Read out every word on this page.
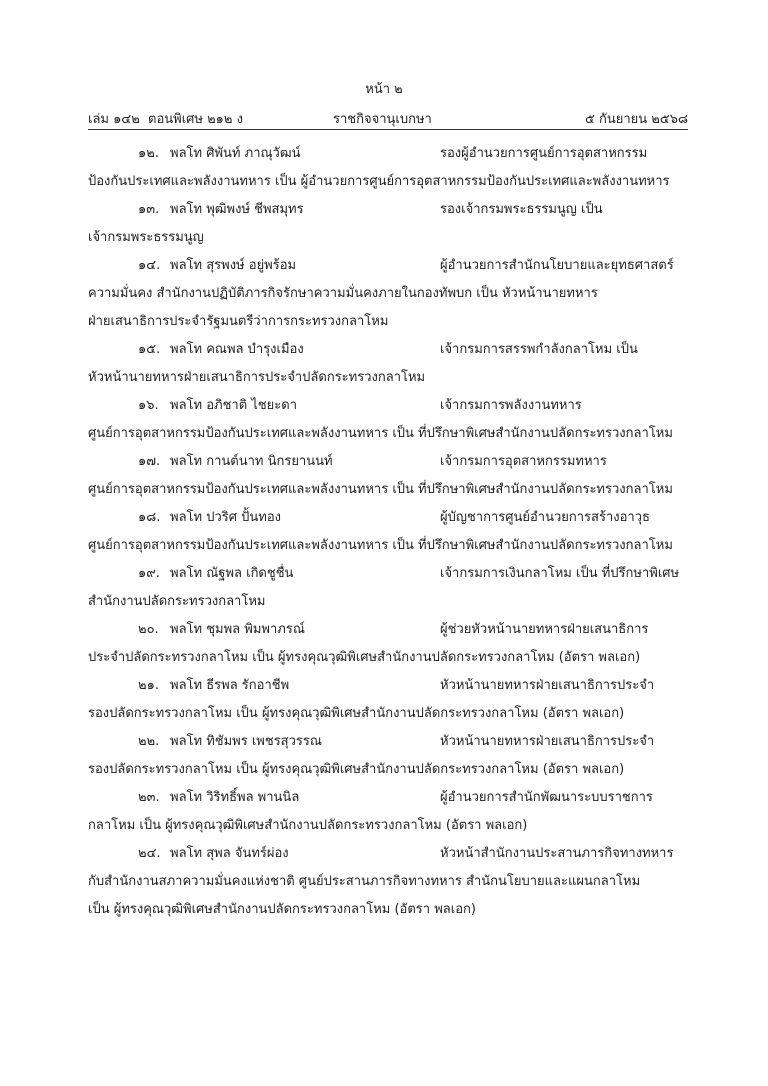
หน้า ๒
เล่ม ๑๔๒ ตอนพิเศษ ๒๑๒ ง	ราชกิจจานุเบกษา	๕ กันยายน ๒๕๖๘
๑๒. พลโท ศิพันท์ ภาณุวัฒน์	รองผู้อำนวยการศูนย์การอุตสาหกรรม
ป้องกันประเทศและพลังงานทหาร เป็น ผู้อำนวยการศูนย์การอุตสาหกรรมป้องกันประเทศและพลังงานทหาร
๑๓. พลโท พุฒิพงษ์ ชีพสมุทร	รองเจ้ากรมพระธรรมนูญ เป็น
เจ้ากรมพระธรรมนูญ
๑๔. พลโท สุรพงษ์ อยู่พร้อม	ผู้อำนวยการสำนักนโยบายและยุทธศาสตร์
ความมั่นคง สำนักงานปฏิบัติภารกิจรักษาความมั่นคงภายในกองทัพบก เป็น หัวหน้านายทหาร
ฝ่ายเสนาธิการประจำรัฐมนตรีว่าการกระทรวงกลาโหม
๑๕. พลโท คณพล บำรุงเมือง	เจ้ากรมการสรรพกำลังกลาโหม เป็น
หัวหน้านายทหารฝ่ายเสนาธิการประจำปลัดกระทรวงกลาโหม
๑๖. พลโท อภิชาติ ไชยะดา	เจ้ากรมการพลังงานทหาร
ศูนย์การอุตสาหกรรมป้องกันประเทศและพลังงานทหาร เป็น ที่ปรึกษาพิเศษสำนักงานปลัดกระทรวงกลาโหม
๑๗. พลโท กานต์นาท นิกรยานนท์	เจ้ากรมการอุตสาหกรรมทหาร
ศูนย์การอุตสาหกรรมป้องกันประเทศและพลังงานทหาร เป็น ที่ปรึกษาพิเศษสำนักงานปลัดกระทรวงกลาโหม
๑๘. พลโท ปวริศ ปั้นทอง	ผู้บัญชาการศูนย์อำนวยการสร้างอาวุธ
ศูนย์การอุตสาหกรรมป้องกันประเทศและพลังงานทหาร เป็น ที่ปรึกษาพิเศษสำนักงานปลัดกระทรวงกลาโหม
๑๙. พลโท ณัฐพล เกิดชูชื่น	เจ้ากรมการเงินกลาโหม เป็น ที่ปรึกษาพิเศษ
สำนักงานปลัดกระทรวงกลาโหม
๒๐. พลโท ชุมพล พิมพาภรณ์	ผู้ช่วยหัวหน้านายทหารฝ่ายเสนาธิการ
ประจำปลัดกระทรวงกลาโหม เป็น ผู้ทรงคุณวุฒิพิเศษสำนักงานปลัดกระทรวงกลาโหม (อัตรา พลเอก)
๒๑. พลโท ธีรพล รักอาชีพ	หัวหน้านายทหารฝ่ายเสนาธิการประจำ
รองปลัดกระทรวงกลาโหม เป็น ผู้ทรงคุณวุฒิพิเศษสำนักงานปลัดกระทรวงกลาโหม (อัตรา พลเอก)
๒๒. พลโท ทิชัมพร เพชรสุวรรณ	หัวหน้านายทหารฝ่ายเสนาธิการประจำ
รองปลัดกระทรวงกลาโหม เป็น ผู้ทรงคุณวุฒิพิเศษสำนักงานปลัดกระทรวงกลาโหม (อัตรา พลเอก)
๒๓. พลโท วิริทธิ์พล พานนิล	ผู้อำนวยการสำนักพัฒนาระบบราชการ
กลาโหม เป็น ผู้ทรงคุณวุฒิพิเศษสำนักงานปลัดกระทรวงกลาโหม (อัตรา พลเอก)
๒๔. พลโท สุพล จันทร์ผ่อง	หัวหน้าสำนักงานประสานภารกิจทางทหาร
กับสำนักงานสภาความมั่นคงแห่งชาติ ศูนย์ประสานภารกิจทางทหาร สำนักนโยบายและแผนกลาโหม
เป็น ผู้ทรงคุณวุฒิพิเศษสำนักงานปลัดกระทรวงกลาโหม (อัตรา พลเอก)
